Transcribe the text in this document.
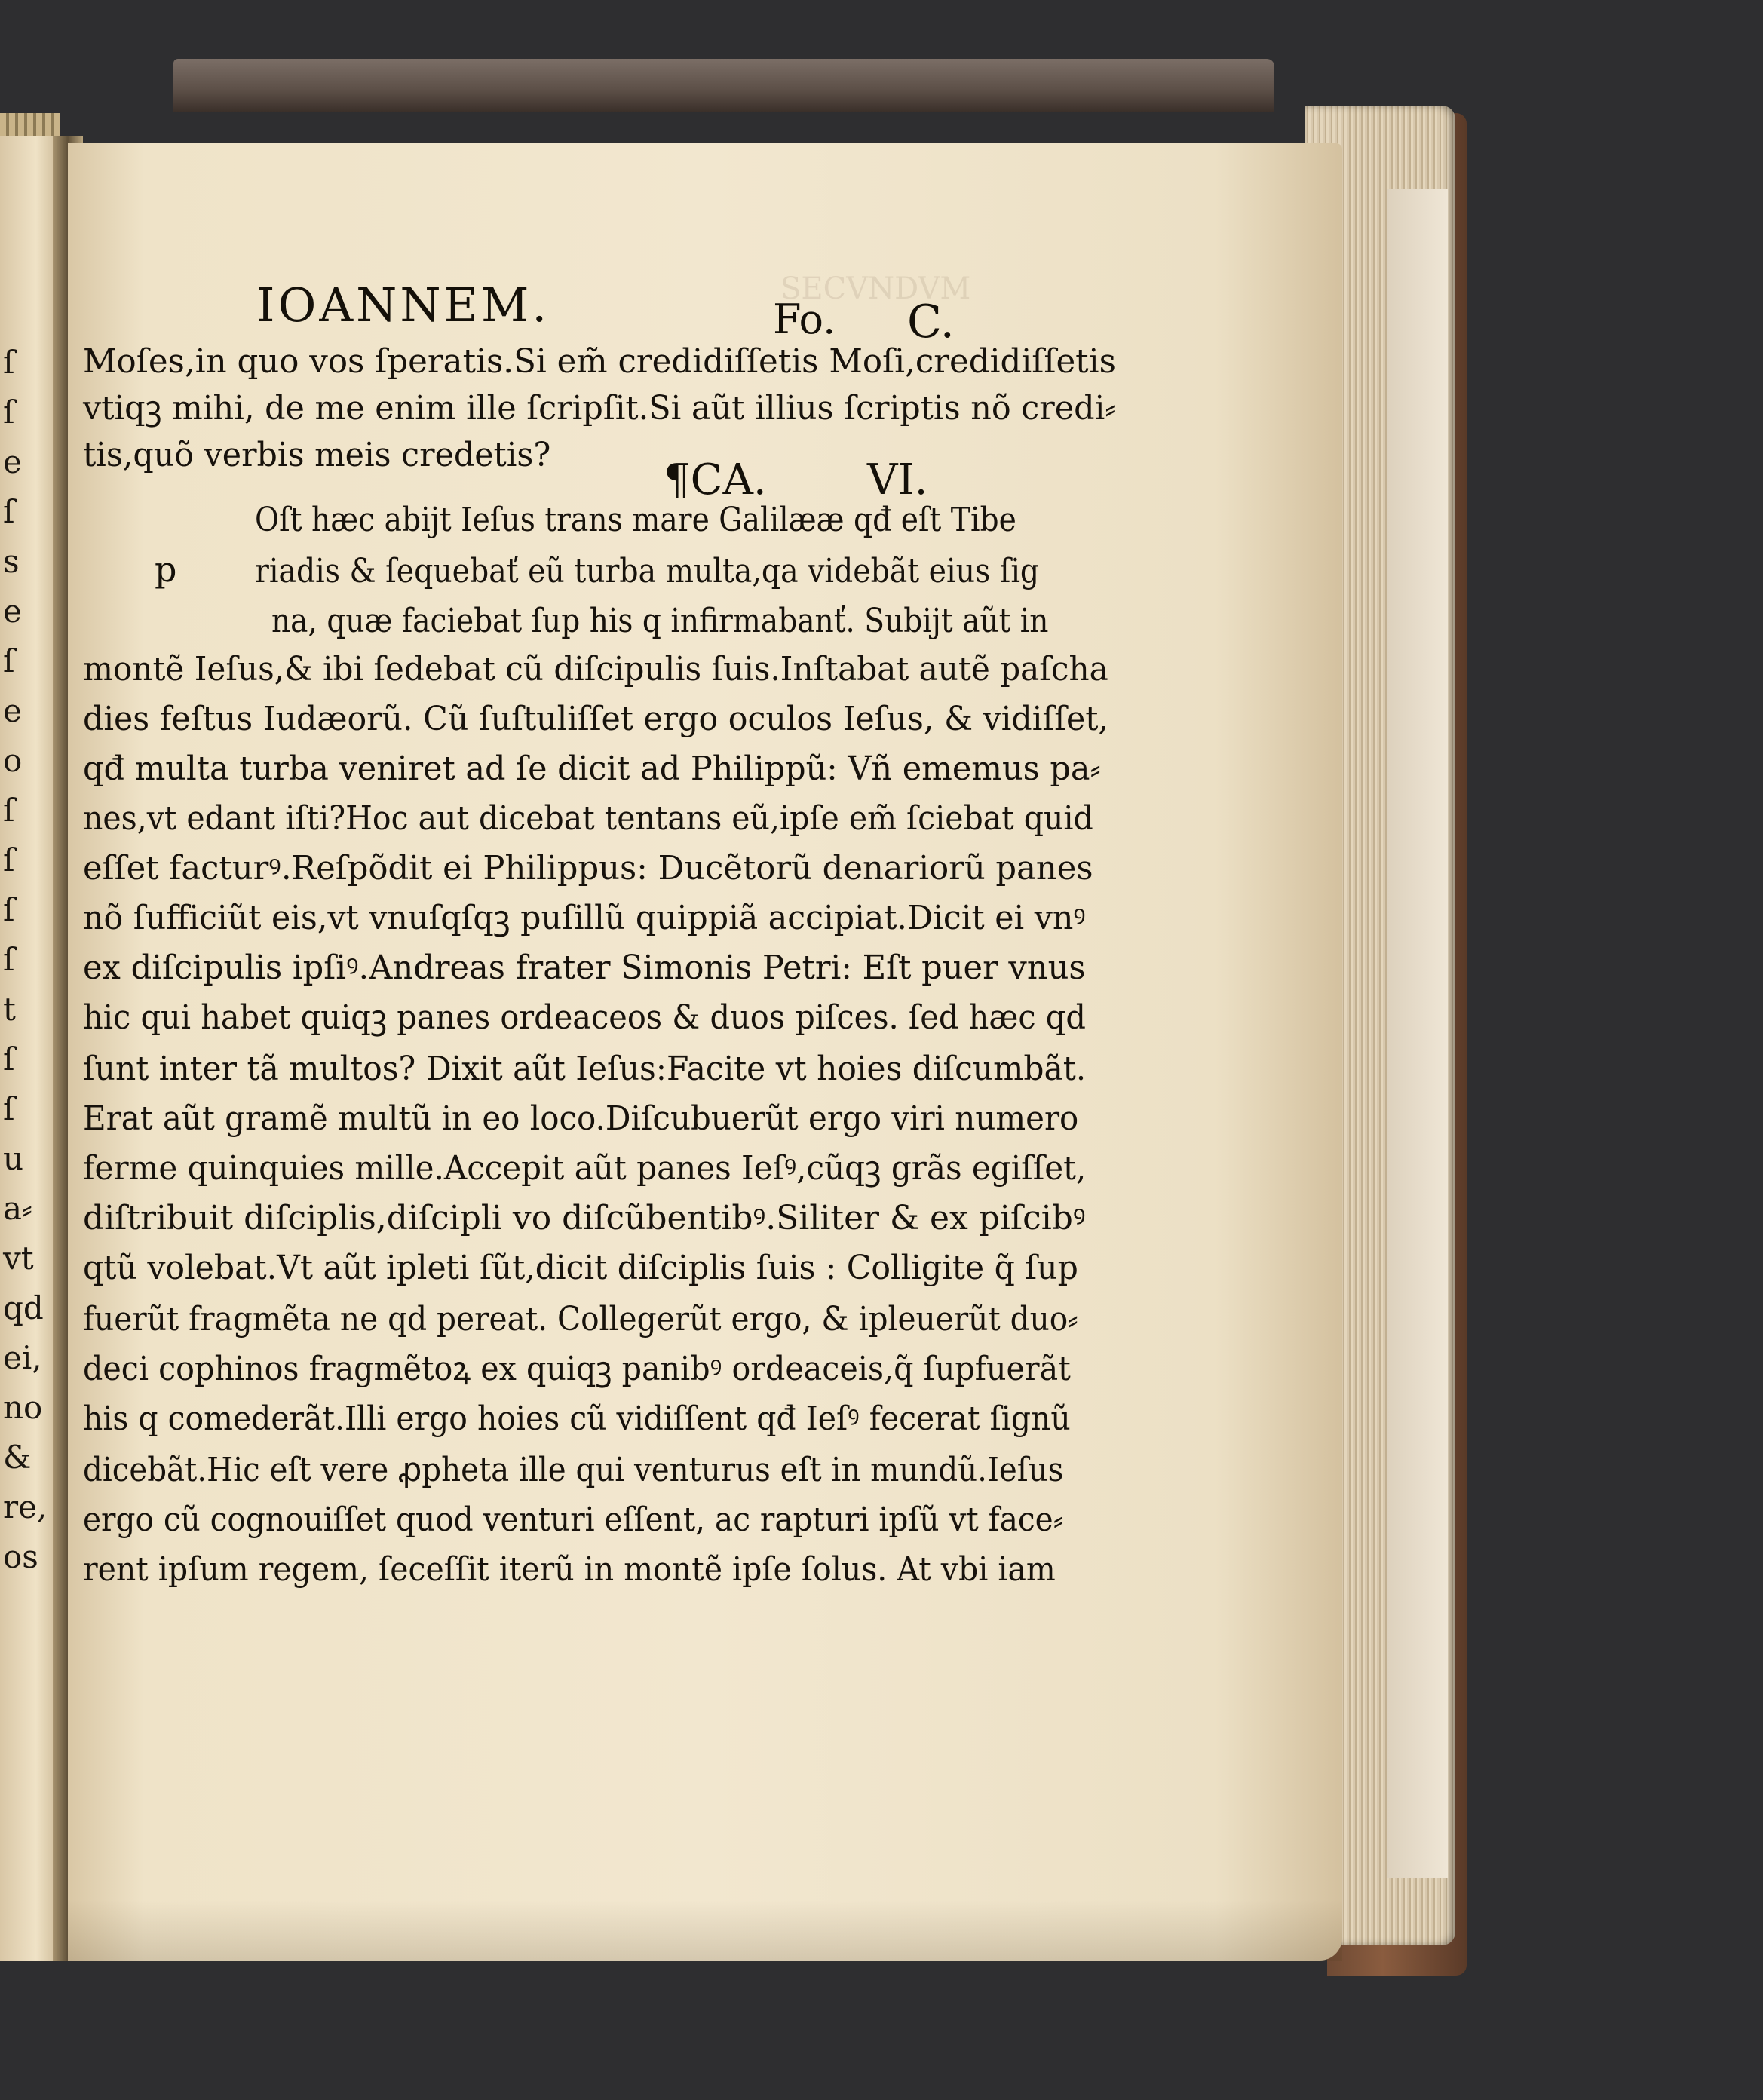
ſ
ſ
e
ſ
s
e
ſ
e
o
ſ
ſ
ſ
ſ
t
ſ
ſ
u
a⸗
vt
qd
ei,
no
&
re,
os
SECVNDVM
IOANNEM.	Fo. C.
¶CA. VI.
p
Moſes,in quo vos ſperatis.Si em̃ credidiſſetis Moſi,credidiſſetis
vtiqꝫ mihi, de me enim ille ſcripſit.Si aũt illius ſcriptis nõ credi⸗
tis,quõ verbis meis credetis?
Oſt hæc abijt Ieſus trans mare Galilææ qđ eſt Tibe
riadis & ſequebať eũ turba multa,qa videbãt eius ſig
na, quæ faciebat ſup his q infirmabanť. Subijt aũt in
montẽ Ieſus,& ibi ſedebat cũ diſcipulis ſuis.Inſtabat autẽ paſcha
dies feſtus Iudæorũ. Cũ ſuſtuliſſet ergo oculos Ieſus, & vidiſſet,
qđ multa turba veniret ad ſe dicit ad Philippũ: Vñ ememus pa⸗
nes,vt edant iſti?Hoc aut dicebat tentans eũ,ipſe em̃ ſciebat quid
eſſet facturꝰ.Reſpõdit ei Philippus: Ducẽtorũ denariorũ panes
nõ ſufficiũt eis,vt vnuſqſqꝫ puſillũ quippiã accipiat.Dicit ei vnꝰ
ex diſcipulis ipſiꝰ.Andreas frater Simonis Petri: Eſt puer vnus
hic qui habet quiqꝫ panes ordeaceos & duos piſces. ſed hæc qd
ſunt inter tã multos? Dixit aũt Ieſus:Facite vt hoies diſcumbãt.
Erat aũt gramẽ multũ in eo loco.Diſcubuerũt ergo viri numero
ferme quinquies mille.Accepit aũt panes Ieſꝰ,cũqꝫ grãs egiſſet,
diſtribuit diſciplis,diſcipli vo diſcũbentibꝰ.Siliter & ex piſcibꝰ
qtũ volebat.Vt aũt ipleti ſũt,dicit diſciplis ſuis : Colligite q̃ ſup
fuerũt fragmẽta ne qd pereat. Collegerũt ergo, & ipleuerũt duo⸗
deci cophinos fragmẽtoꝝ ex quiqꝫ panibꝰ ordeaceis,q̃ ſupfuerãt
his q comederãt.Illi ergo hoies cũ vidiſſent qđ Ieſꝰ fecerat ſignũ
dicebãt.Hic eſt vere ꝓpheta ille qui venturus eſt in mundũ.Ieſus
ergo cũ cognouiſſet quod venturi eſſent, ac rapturi ipſũ vt face⸗
rent ipſum regem, ſeceſſit iterũ in montẽ ipſe ſolus. At vbi iam
